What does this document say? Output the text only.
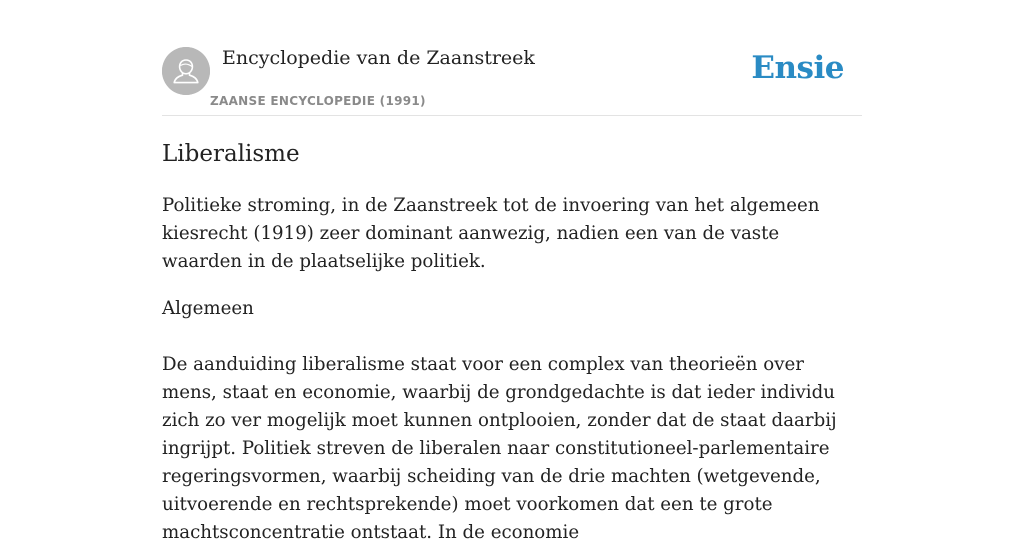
Encyclopedie van de Zaanstreek
ZAANSE ENCYCLOPEDIE (1991)
Ensie
Liberalisme

Politieke stroming, in de Zaanstreek tot de invoering van het algemeen kiesrecht (1919) zeer dominant aanwezig, nadien een van de vaste waarden in de plaatselijke politiek.

Algemeen

De aanduiding liberalisme staat voor een complex van theorieën over mens, staat en economie, waarbij de grondgedachte is dat ieder individu zich zo ver mogelijk moet kunnen ontplooien, zonder dat de staat daarbij ingrijpt. Politiek streven de liberalen naar constitutioneel-parlementaire regeringsvormen, waarbij scheiding van de drie machten (wetgevende, uitvoerende en rechtsprekende) moet voorkomen dat een te grote machtsconcentratie ontstaat. In de economie
